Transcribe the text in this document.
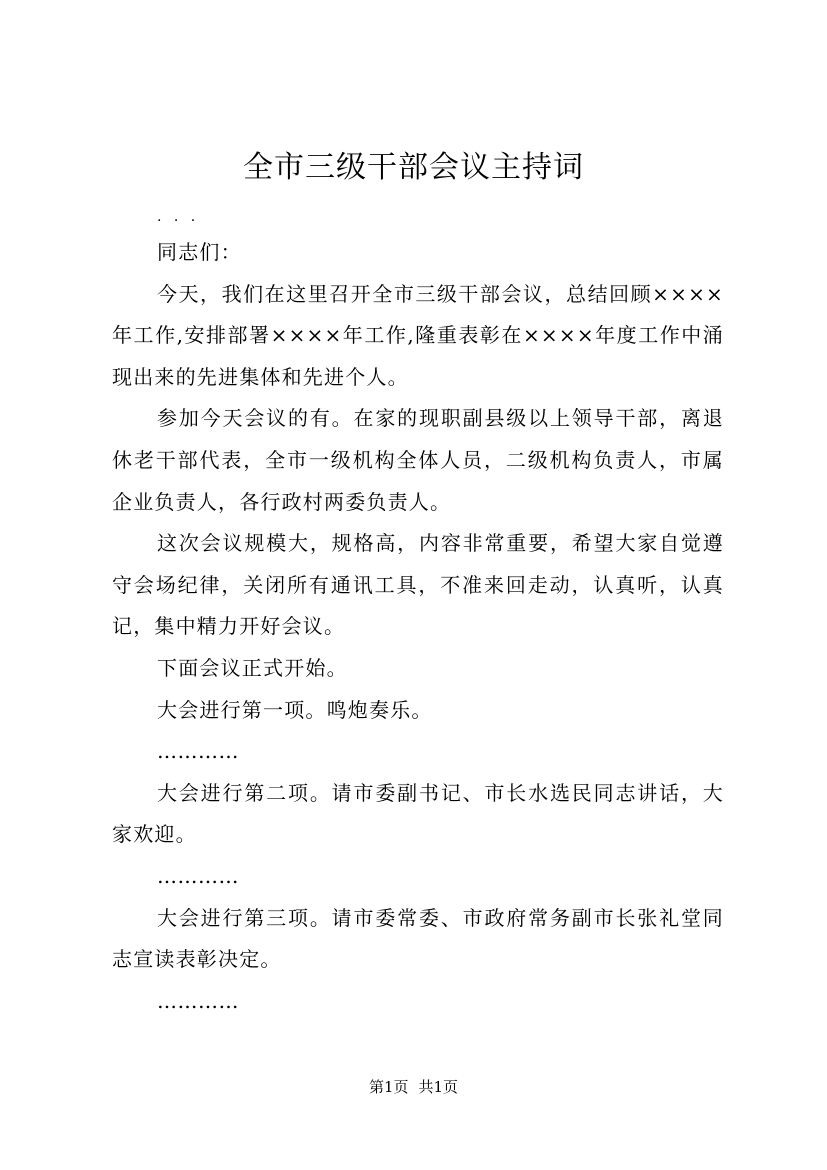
全市三级干部会议主持词

. . .

同志们：

今天，我们在这里召开全市三级干部会议，总结回顾××××年工作,安排部署××××年工作,隆重表彰在××××年度工作中涌现出来的先进集体和先进个人。

参加今天会议的有。在家的现职副县级以上领导干部，离退休老干部代表，全市一级机构全体人员，二级机构负责人，市属企业负责人，各行政村两委负责人。

这次会议规模大，规格高，内容非常重要，希望大家自觉遵守会场纪律，关闭所有通讯工具，不准来回走动，认真听，认真记，集中精力开好会议。

下面会议正式开始。

大会进行第一项。鸣炮奏乐。

…………

大会进行第二项。请市委副书记、市长水选民同志讲话，大家欢迎。

…………

大会进行第三项。请市委常委、市政府常务副市长张礼堂同志宣读表彰决定。

…………

第1页 共1页
